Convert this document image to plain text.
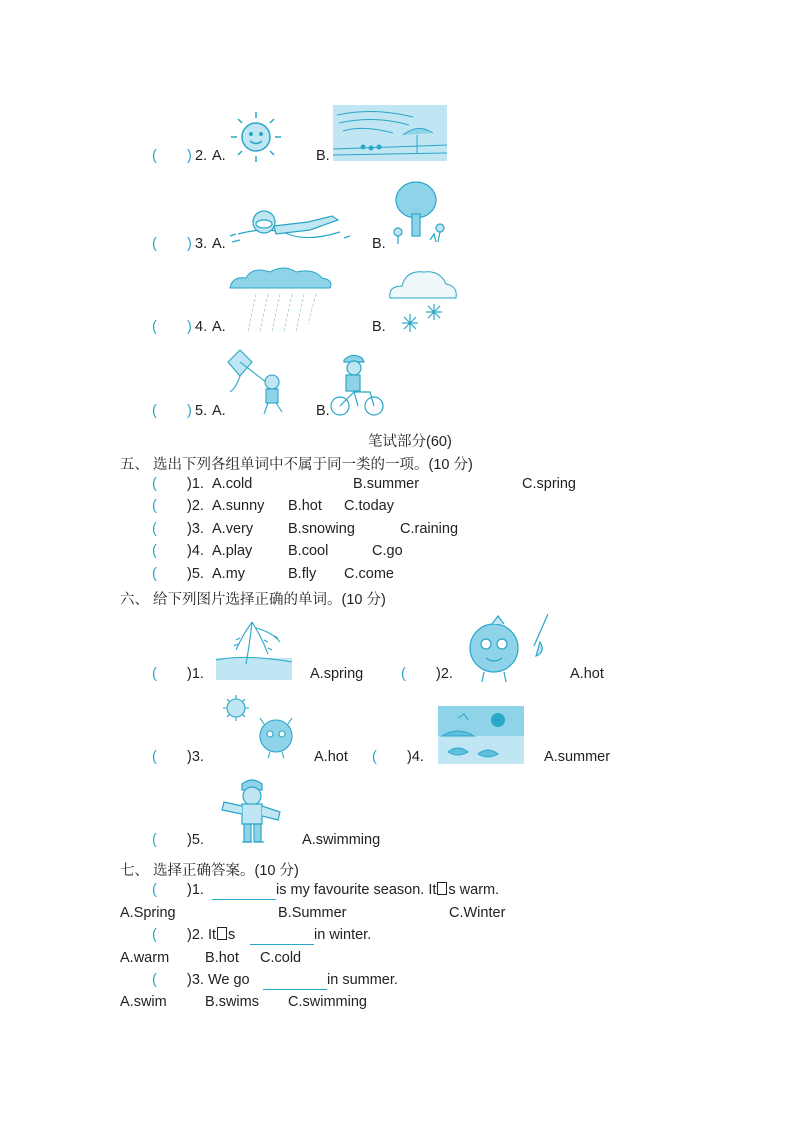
( ) 2. A.	B.
( ) 3. A.	B.
( ) 4. A.	B.
( ) 5. A.	B.
笔试部分(60)
五、 选出下列各组单词中不属于同一类的一项。(10 分)
( )1. A.cold	B.summer	C.spring
( )2. A.sunny B.hot C.today
( )3. A.very B.snowing	C.raining
( )4. A.play B.cool	C.go
( )5. A.my	B.fly C.come
六、 给下列图片选择正确的单词。(10 分)
( )1.	A.spring	( )2.	A.hot
( )3.	A.hot ( )4.	A.summer
( )5.	A.swimming
七、 选择正确答案。(10 分)
( )1.	is my favourite season. It s warm.
A.Spring	B.Summer	C.Winter
( )2. It s	in winter.
A.warm B.hot C.cold
( )3. We go	in summer.
A.swim	B.swims C.swimming
